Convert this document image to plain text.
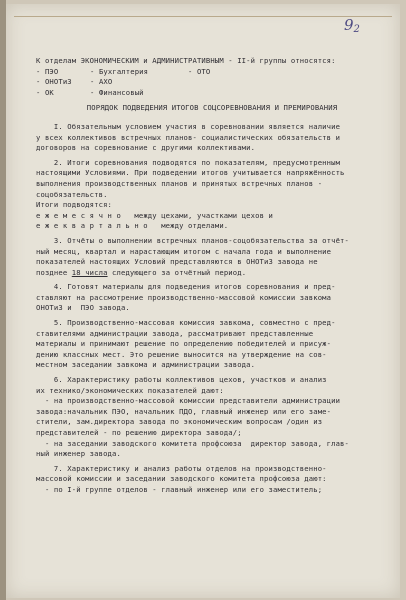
$9_2$

К отделам ЭКОНОМИЧЕСКИМ и АДМИНИСТРАТИВНЫМ - II-й группы относятся:

- ПЭО	- Бухгалтерия	- ОТО
- ОНОТиЗ	- АХО
- ОК	- Финансовый

ПОРЯДОК ПОДВЕДЕНИЯ ИТОГОВ СОЦСОРЕВНОВАНИЯ И ПРЕМИРОВАНИЯ

I. Обязательным условием участия в соревновании является наличие

у всех коллективов встречных планов- социалистических обязательств и

договоров на соревнование с другими коллективами.

2. Итоги соревнования подводятся по показателям, предусмотренным

настоящими Условиями. При подведении итогов учитывается напряжённость

выполнения производственных планов и принятых встречных планов -

соцобязательств.

Итоги подводятся:

е ж е м е с я ч н о   между цехами, участками цехов и

е ж е к в а р т а л ь н о   между отделами.

3. Отчёты о выполнении встречных планов-соцобязательства за отчёт-

ный месяц, квартал и нарастающим итогом с начала года и выполнение

показателей настоящих Условий представляются в ОНОТиЗ завода не

позднее 18 числа следующего за отчётный период.

4. Готовят материалы для подведения итогов соревнования и пред-

ставляют на рассмотрение производственно-массовой комиссии завкома

ОНОТиЗ и  ПЭО завода.

5. Производственно-массовая комиссия завкома, совместно с пред-

ставителями администрации завода, рассматривают представленные

материалы и принимают решение по определению победителей и присуж-

дению классных мест. Это решение выносится на утверждение на сов-

местном заседании завкома и администрации завода.

6. Характеристику работы коллективов цехов, участков и анализ

их технико/экономических показателей дают:

- на производственно-массовой комиссии представители администрации

завода:начальник ПЭО, начальник ПДО, главный инженер или его заме-

стители, зам.директора завода по экономическим вопросам /один из

представителей - по решению директора завода/;

- на заседании заводского комитета профсоюза  директор завода, глав-

ный инженер завода.

7. Характеристику и анализ работы отделов на производственно-

массовой комиссии и заседании заводского комитета профсоюза дают:

- по I-й группе отделов - главный инженер или его заместитель;
